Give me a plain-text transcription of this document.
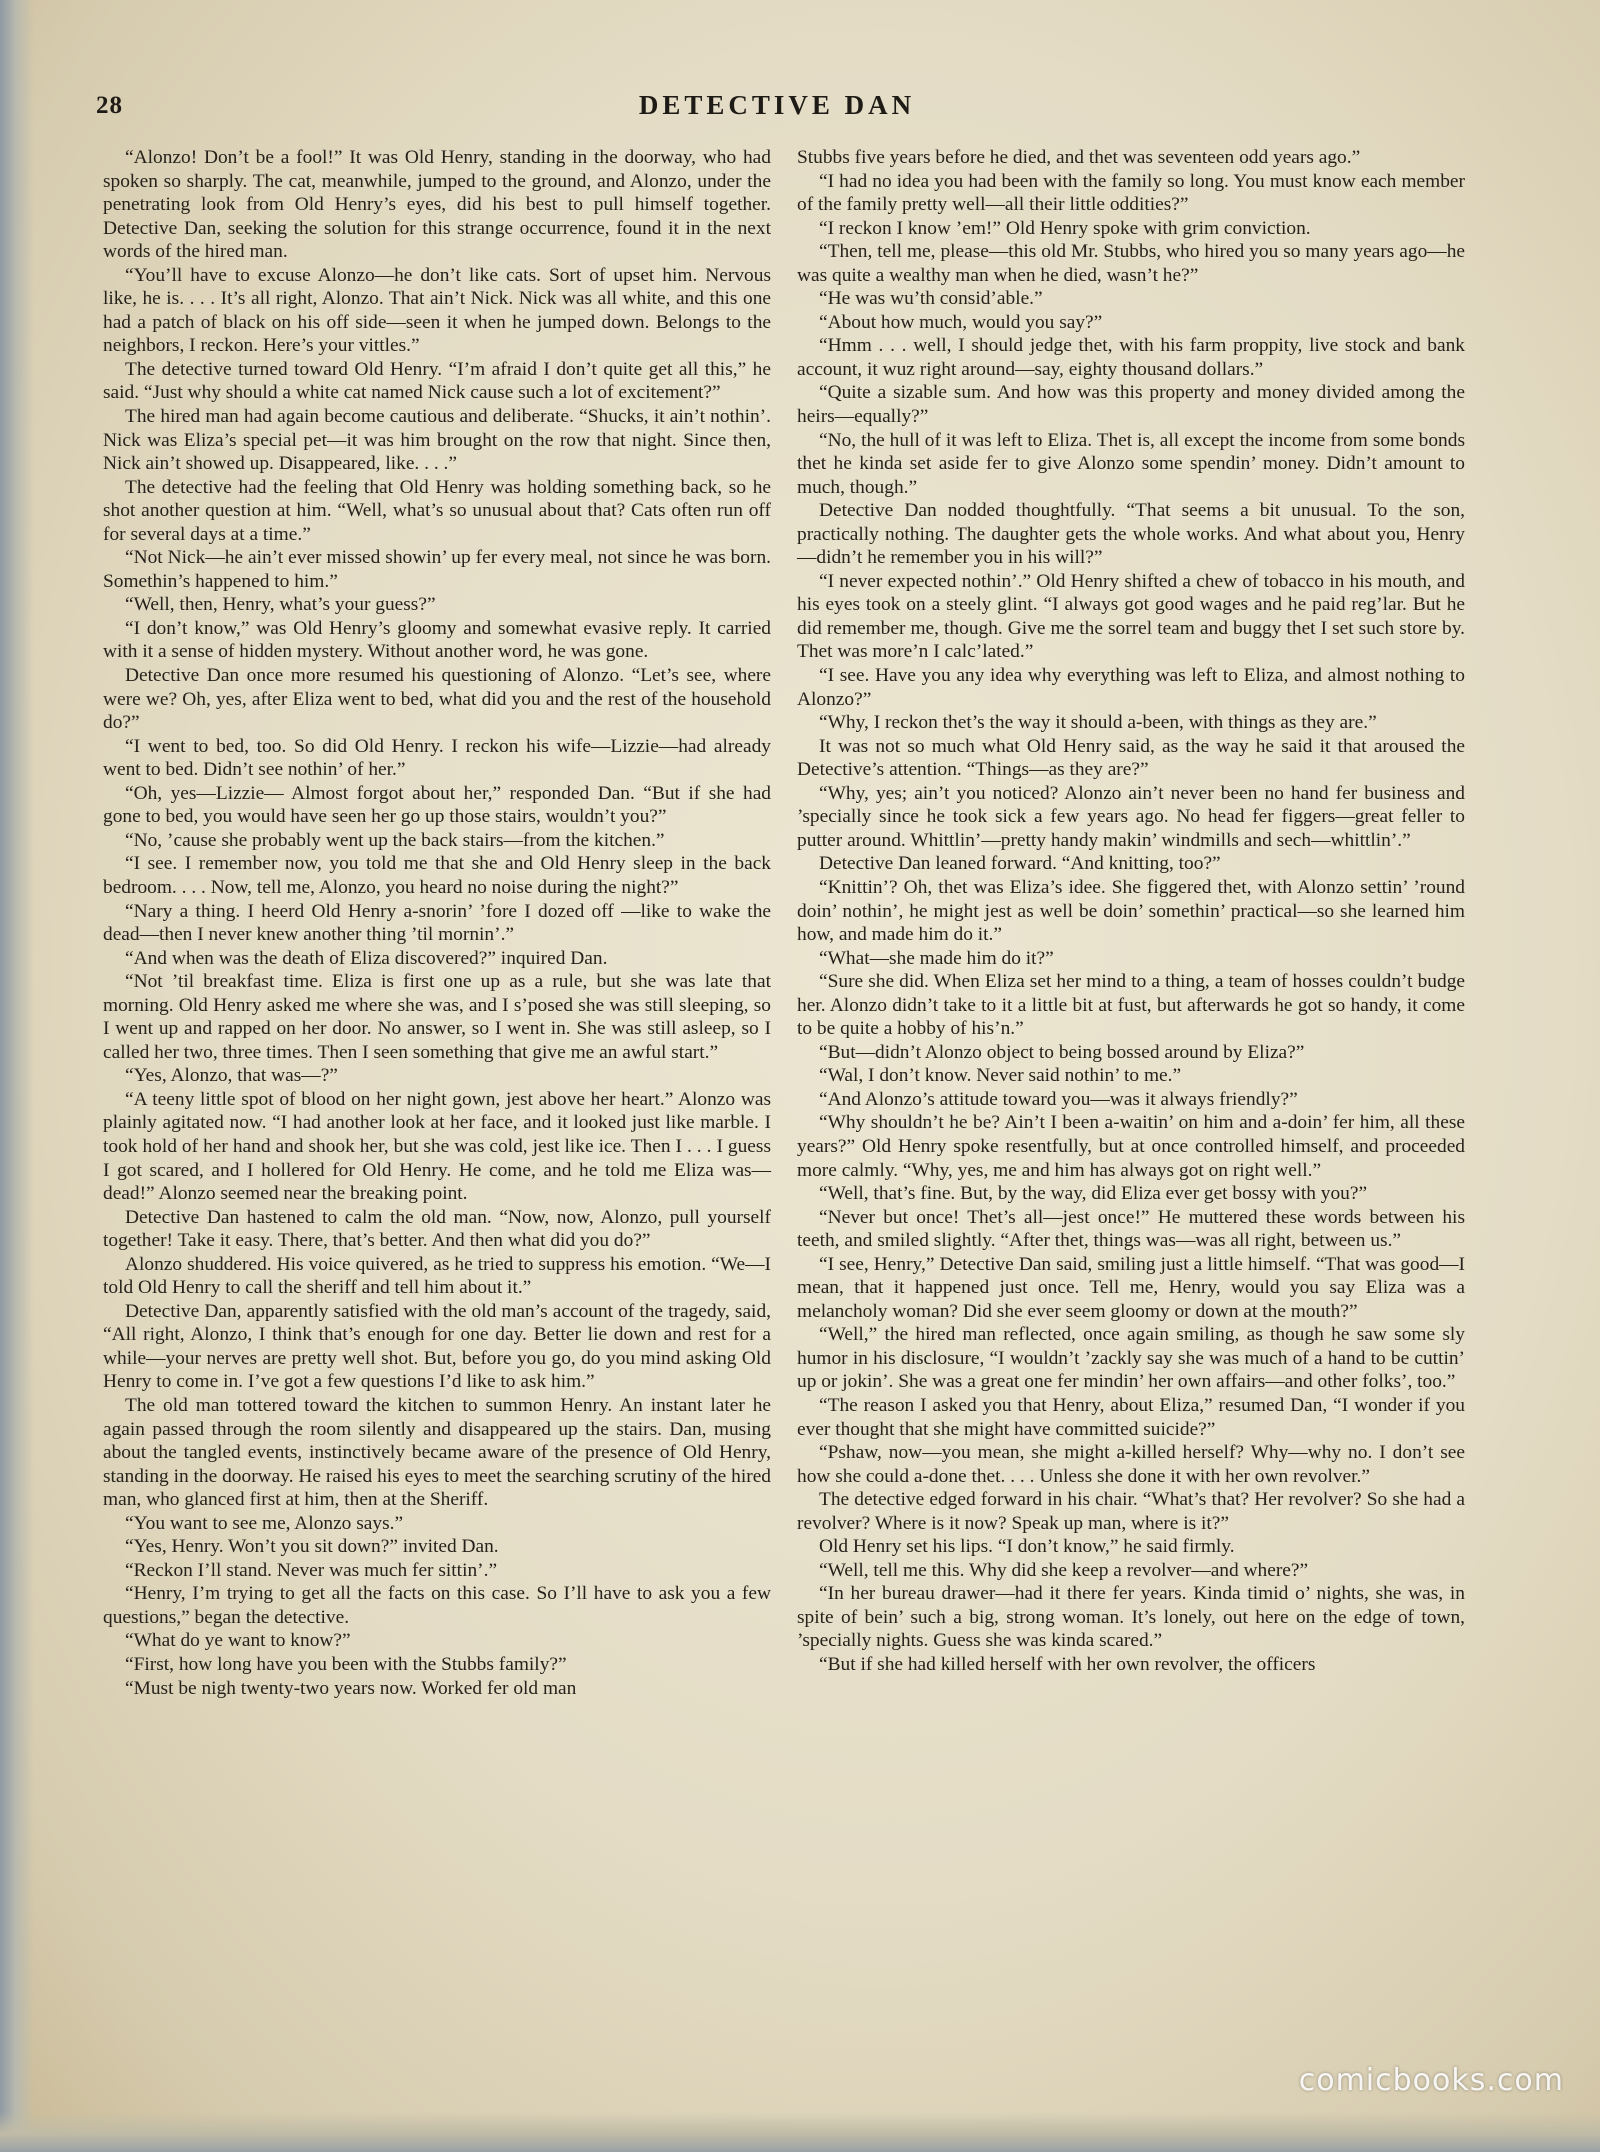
28	DETECTIVE DAN

“Alonzo! Don’t be a fool!” It was Old Henry, standing in the doorway, who had spoken so sharply. The cat, meanwhile, jumped to the ground, and Alonzo, under the penetrating look from Old Henry’s eyes, did his best to pull himself together. Detective Dan, seeking the solution for this strange occurrence, found it in the next words of the hired man.

“You’ll have to excuse Alonzo—he don’t like cats. Sort of upset him. Nervous like, he is. . . . It’s all right, Alonzo. That ain’t Nick. Nick was all white, and this one had a patch of black on his off side—seen it when he jumped down. Belongs to the neighbors, I reckon. Here’s your vittles.”

The detective turned toward Old Henry. “I’m afraid I don’t quite get all this,” he said. “Just why should a white cat named Nick cause such a lot of excitement?”

The hired man had again become cautious and deliberate. “Shucks, it ain’t nothin’. Nick was Eliza’s special pet—it was him brought on the row that night. Since then, Nick ain’t showed up. Disappeared, like. . . .”

The detective had the feeling that Old Henry was holding something back, so he shot another question at him. “Well, what’s so unusual about that? Cats often run off for several days at a time.”

“Not Nick—he ain’t ever missed showin’ up fer every meal, not since he was born. Somethin’s happened to him.”

“Well, then, Henry, what’s your guess?”

“I don’t know,” was Old Henry’s gloomy and somewhat evasive reply. It carried with it a sense of hidden mystery. Without another word, he was gone.

Detective Dan once more resumed his questioning of Alonzo. “Let’s see, where were we? Oh, yes, after Eliza went to bed, what did you and the rest of the household do?”

“I went to bed, too. So did Old Henry. I reckon his wife—Lizzie—had already went to bed. Didn’t see nothin’ of her.”

“Oh, yes—Lizzie— Almost forgot about her,” responded Dan. “But if she had gone to bed, you would have seen her go up those stairs, wouldn’t you?”

“No, ’cause she probably went up the back stairs—from the kitchen.”

“I see. I remember now, you told me that she and Old Henry sleep in the back bedroom. . . . Now, tell me, Alonzo, you heard no noise during the night?”

“Nary a thing. I heerd Old Henry a-snorin’ ’fore I dozed off —like to wake the dead—then I never knew another thing ’til mornin’.”

“And when was the death of Eliza discovered?” inquired Dan.

“Not ’til breakfast time. Eliza is first one up as a rule, but she was late that morning. Old Henry asked me where she was, and I s’posed she was still sleeping, so I went up and rapped on her door. No answer, so I went in. She was still asleep, so I called her two, three times. Then I seen something that give me an awful start.”

“Yes, Alonzo, that was—?”

“A teeny little spot of blood on her night gown, jest above her heart.” Alonzo was plainly agitated now. “I had another look at her face, and it looked just like marble. I took hold of her hand and shook her, but she was cold, jest like ice. Then I . . . I guess I got scared, and I hollered for Old Henry. He come, and he told me Eliza was—dead!” Alonzo seemed near the breaking point.

Detective Dan hastened to calm the old man. “Now, now, Alonzo, pull yourself together! Take it easy. There, that’s better. And then what did you do?”

Alonzo shuddered. His voice quivered, as he tried to suppress his emotion. “We—I told Old Henry to call the sheriff and tell him about it.”

Detective Dan, apparently satisfied with the old man’s account of the tragedy, said, “All right, Alonzo, I think that’s enough for one day. Better lie down and rest for a while—your nerves are pretty well shot. But, before you go, do you mind asking Old Henry to come in. I’ve got a few questions I’d like to ask him.”

The old man tottered toward the kitchen to summon Henry. An instant later he again passed through the room silently and disappeared up the stairs. Dan, musing about the tangled events, instinctively became aware of the presence of Old Henry, standing in the doorway. He raised his eyes to meet the searching scrutiny of the hired man, who glanced first at him, then at the Sheriff.

“You want to see me, Alonzo says.”

“Yes, Henry. Won’t you sit down?” invited Dan.

“Reckon I’ll stand. Never was much fer sittin’.”

“Henry, I’m trying to get all the facts on this case. So I’ll have to ask you a few questions,” began the detective.

“What do ye want to know?”

“First, how long have you been with the Stubbs family?”

“Must be nigh twenty-two years now. Worked fer old man

Stubbs five years before he died, and thet was seventeen odd years ago.”

“I had no idea you had been with the family so long. You must know each member of the family pretty well—all their little oddities?”

“I reckon I know ’em!” Old Henry spoke with grim conviction.

“Then, tell me, please—this old Mr. Stubbs, who hired you so many years ago—he was quite a wealthy man when he died, wasn’t he?”

“He was wu’th consid’able.”

“About how much, would you say?”

“Hmm . . . well, I should jedge thet, with his farm proppity, live stock and bank account, it wuz right around—say, eighty thousand dollars.”

“Quite a sizable sum. And how was this property and money divided among the heirs—equally?”

“No, the hull of it was left to Eliza. Thet is, all except the income from some bonds thet he kinda set aside fer to give Alonzo some spendin’ money. Didn’t amount to much, though.”

Detective Dan nodded thoughtfully. “That seems a bit unusual. To the son, practically nothing. The daughter gets the whole works. And what about you, Henry—didn’t he remember you in his will?”

“I never expected nothin’.” Old Henry shifted a chew of tobacco in his mouth, and his eyes took on a steely glint. “I always got good wages and he paid reg’lar. But he did remember me, though. Give me the sorrel team and buggy thet I set such store by. Thet was more’n I calc’lated.”

“I see. Have you any idea why everything was left to Eliza, and almost nothing to Alonzo?”

“Why, I reckon thet’s the way it should a-been, with things as they are.”

It was not so much what Old Henry said, as the way he said it that aroused the Detective’s attention. “Things—as they are?”

“Why, yes; ain’t you noticed? Alonzo ain’t never been no hand fer business and ’specially since he took sick a few years ago. No head fer figgers—great feller to putter around. Whittlin’—pretty handy makin’ windmills and sech—whittlin’.”

Detective Dan leaned forward. “And knitting, too?”

“Knittin’? Oh, thet was Eliza’s idee. She figgered thet, with Alonzo settin’ ’round doin’ nothin’, he might jest as well be doin’ somethin’ practical—so she learned him how, and made him do it.”

“What—she made him do it?”

“Sure she did. When Eliza set her mind to a thing, a team of hosses couldn’t budge her. Alonzo didn’t take to it a little bit at fust, but afterwards he got so handy, it come to be quite a hobby of his’n.”

“But—didn’t Alonzo object to being bossed around by Eliza?”

“Wal, I don’t know. Never said nothin’ to me.”

“And Alonzo’s attitude toward you—was it always friendly?”

“Why shouldn’t he be? Ain’t I been a-waitin’ on him and a-doin’ fer him, all these years?” Old Henry spoke resentfully, but at once controlled himself, and proceeded more calmly. “Why, yes, me and him has always got on right well.”

“Well, that’s fine. But, by the way, did Eliza ever get bossy with you?”

“Never but once! Thet’s all—jest once!” He muttered these words between his teeth, and smiled slightly. “After thet, things was—was all right, between us.”

“I see, Henry,” Detective Dan said, smiling just a little himself. “That was good—I mean, that it happened just once. Tell me, Henry, would you say Eliza was a melancholy woman? Did she ever seem gloomy or down at the mouth?”

“Well,” the hired man reflected, once again smiling, as though he saw some sly humor in his disclosure, “I wouldn’t ’zackly say she was much of a hand to be cuttin’ up or jokin’. She was a great one fer mindin’ her own affairs—and other folks’, too.”

“The reason I asked you that Henry, about Eliza,” resumed Dan, “I wonder if you ever thought that she might have committed suicide?”

“Pshaw, now—you mean, she might a-killed herself? Why—why no. I don’t see how she could a-done thet. . . . Unless she done it with her own revolver.”

The detective edged forward in his chair. “What’s that? Her revolver? So she had a revolver? Where is it now? Speak up man, where is it?”

Old Henry set his lips. “I don’t know,” he said firmly.

“Well, tell me this. Why did she keep a revolver—and where?”

“In her bureau drawer—had it there fer years. Kinda timid o’ nights, she was, in spite of bein’ such a big, strong woman. It’s lonely, out here on the edge of town, ’specially nights. Guess she was kinda scared.”

“But if she had killed herself with her own revolver, the officers

comicbooks.com
